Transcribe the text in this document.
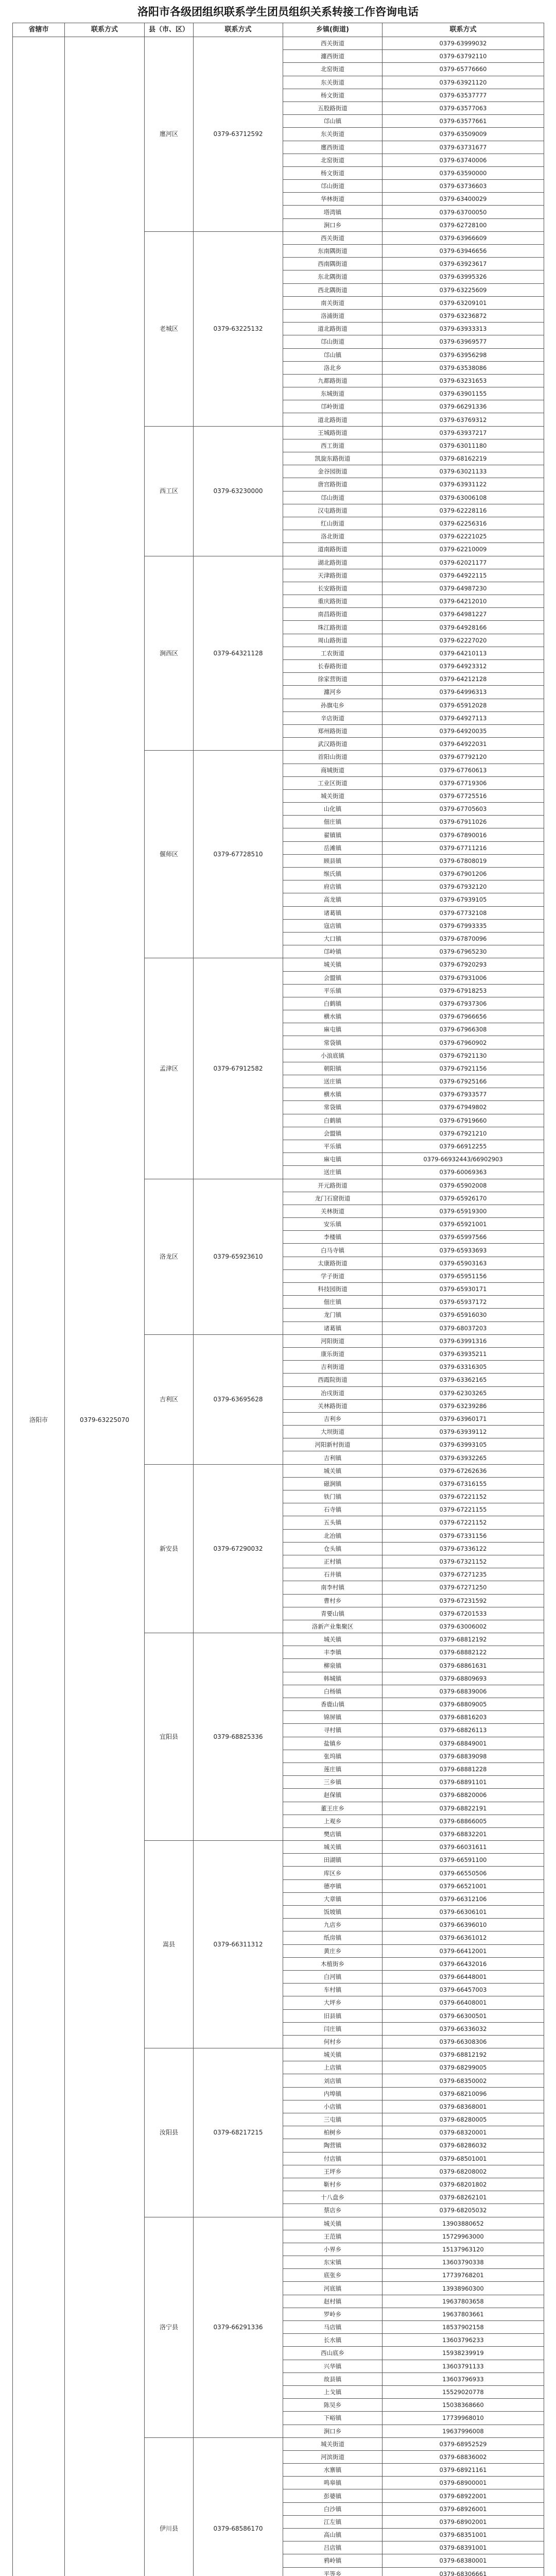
洛阳市各级团组织联系学生团员组织关系转接工作咨询电话
省辖市	联系方式	县（市、区）	联系方式	乡镇(街道)	联系方式
洛阳市	0379-63225070	廛河区	0379-63712592	西关街道	0379-63999032
				瀍西街道	0379-63792110
				北窑街道	0379-65776660
				东关街道	0379-63921120
				杨文街道	0379-63537777
				五股路街道	0379-63577063
				邙山镇	0379-63577661
				东关街道	0379-63509009
				廛西街道	0379-63731677
				北窑街道	0379-63740006
				杨文街道	0379-63590000
				邙山街道	0379-63736603
				华林街道	0379-63400029
				塔湾镇	0379-63700050
				涧口乡	0379-62728100
		老城区	0379-63225132	西关街道	0379-63966609
				东南隅街道	0379-63946656
				西南隅街道	0379-63923617
				东北隅街道	0379-63995326
				西北隅街道	0379-63225609
				南关街道	0379-63209101
				洛浦街道	0379-63236872
				道北路街道	0379-63933313
				邙山街道	0379-63969577
				邙山镇	0379-63956298
				洛北乡	0379-63538086
				九都路街道	0379-63231653
				东城街道	0379-63901155
				邙岭街道	0379-66291336
				道北路街道	0379-63769312
		西工区	0379-63230000	王城路街道	0379-63937217
				西工街道	0379-63011180
				凯旋东路街道	0379-68162219
				金谷园街道	0379-63021133
				唐宫路街道	0379-63931122
				邙山街道	0379-63006108
				汉屯路街道	0379-62228116
				红山街道	0379-62256316
				洛北街道	0379-62221025
				道南路街道	0379-62210009
		涧西区	0379-64321128	湖北路街道	0379-62021177
				天津路街道	0379-64922115
				长安路街道	0379-64987230
				重庆路街道	0379-64212010
				南昌路街道	0379-64981227
				珠江路街道	0379-64928166
				周山路街道	0379-62227020
				工农街道	0379-64210113
				长春路街道	0379-64923312
				徐家营街道	0379-64212128
				瀍河乡	0379-64996313
				孙旗屯乡	0379-65912028
				辛店街道	0379-64927113
				郑州路街道	0379-64920035
				武汉路街道	0379-64922031
		偃师区	0379-67728510	首阳山街道	0379-67792120
				商城街道	0379-67760613
				工业区街道	0379-67719306
				城关街道	0379-67725516
				山化镇	0379-67705603
				佃庄镇	0379-67911026
				翟镇镇	0379-67890016
				岳滩镇	0379-67711216
				顾县镇	0379-67808019
				缑氏镇	0379-67901206
				府店镇	0379-67932120
				高龙镇	0379-67939105
				诸葛镇	0379-67732108
				寇店镇	0379-67993335
				大口镇	0379-67870096
				邙岭镇	0379-67965230
		孟津区	0379-67912582	城关镇	0379-67920293
				会盟镇	0379-67931006
				平乐镇	0379-67918253
				白鹤镇	0379-67937306
				横水镇	0379-67966656
				麻屯镇	0379-67966308
				常袋镇	0379-67960902
				小浪底镇	0379-67921130
				朝阳镇	0379-67921156
				送庄镇	0379-67925166
				横水镇	0379-67933577
				常袋镇	0379-67949802
				白鹤镇	0379-67919660
				会盟镇	0379-67921210
				平乐镇	0379-66912255
				麻屯镇	0379-66932443/66902903
				送庄镇	0379-60069363
		洛龙区	0379-65923610	开元路街道	0379-65902008
				龙门石窟街道	0379-65926170
				关林街道	0379-65919300
				安乐镇	0379-65921001
				李楼镇	0379-65997566
				白马寺镇	0379-65933693
				太康路街道	0379-65903163
				学子街道	0379-65951156
				科技园街道	0379-65930171
				佃庄镇	0379-65937172
				龙门镇	0379-65916030
				诸葛镇	0379-68037203
		吉利区	0379-63695628	河阳街道	0379-63991316
				康乐街道	0379-63935211
				吉利街道	0379-63316305
				西霞院街道	0379-63362165
				冶戌街道	0379-62303265
				关林路街道	0379-63239286
				吉利乡	0379-63960171
				大坝街道	0379-63939112
				河阳新村街道	0379-63993105
				吉利镇	0379-63932265
		新安县	0379-67290032	城关镇	0379-67262636
				磁涧镇	0379-67316155
				铁门镇	0379-67221152
				石寺镇	0379-67221155
				五头镇	0379-67221152
				北冶镇	0379-67331156
				仓头镇	0379-67336122
				正村镇	0379-67321152
				石井镇	0379-67271235
				南李村镇	0379-67271250
				曹村乡	0379-67231592
				青要山镇	0379-67201533
				洛新产业集聚区	0379-63006002
		宜阳县	0379-68825336	城关镇	0379-68812192
				丰李镇	0379-68882122
				柳泉镇	0379-68861631
				韩城镇	0379-68809693
				白杨镇	0379-68839006
				香鹿山镇	0379-68809005
				锦屏镇	0379-68816203
				寻村镇	0379-68826113
				盐镇乡	0379-68849001
				张坞镇	0379-68839098
				莲庄镇	0379-68881228
				三乡镇	0379-68891101
				赵保镇	0379-68820006
				董王庄乡	0379-68822191
				上观乡	0379-68866005
				樊店镇	0379-68832201
		嵩县	0379-66311312	城关镇	0379-66031611
				田湖镇	0379-66591100
				库区乡	0379-66550506
				德亭镇	0379-66521001
				大章镇	0379-66312106
				饭坡镇	0379-66306101
				九店乡	0379-66396010
				纸房镇	0379-66361012
				黄庄乡	0379-66412001
				木植街乡	0379-66432016
				白河镇	0379-66448001
				车村镇	0379-66457003
				大坪乡	0379-66408001
				旧县镇	0379-66300501
				闫庄镇	0379-66336032
				何村乡	0379-66308306
		汝阳县	0379-68217215	城关镇	0379-68812192
				上店镇	0379-68299005
				刘店镇	0379-68350002
				内埠镇	0379-68210096
				小店镇	0379-68368001
				三屯镇	0379-68280005
				柏树乡	0379-68320001
				陶营镇	0379-68286032
				付店镇	0379-68501001
				王坪乡	0379-68208002
				靳村乡	0379-68201802
				十八盘乡	0379-68262101
				蔡店乡	0379-68205032
		洛宁县	0379-66291336	城关镇	13903880652
				王范镇	15729963000
				小界乡	15137963120
				东宋镇	13603790338
				底张乡	17739768201
				河底镇	13938960300
				赵村镇	19637803658
				罗岭乡	19637803661
				马店镇	18537902158
				长水镇	13603796233
				西山底乡	15938239919
				兴华镇	13603791133
				故县镇	13603796933
				上戈镇	15529020778
				陈吴乡	15038368660
				下峪镇	17739968010
				涧口乡	19637996008
		伊川县	0379-68586170	城关街道	0379-68952529
				河滨街道	0379-68836002
				水寨镇	0379-68921161
				鸣皋镇	0379-68900001
				彭婆镇	0379-68922001
				白沙镇	0379-68926001
				江左镇	0379-68902001
				高山镇	0379-68351001
				吕店镇	0379-68391001
				鸦岭镇	0379-68380001
				平等乡	0379-68306661
